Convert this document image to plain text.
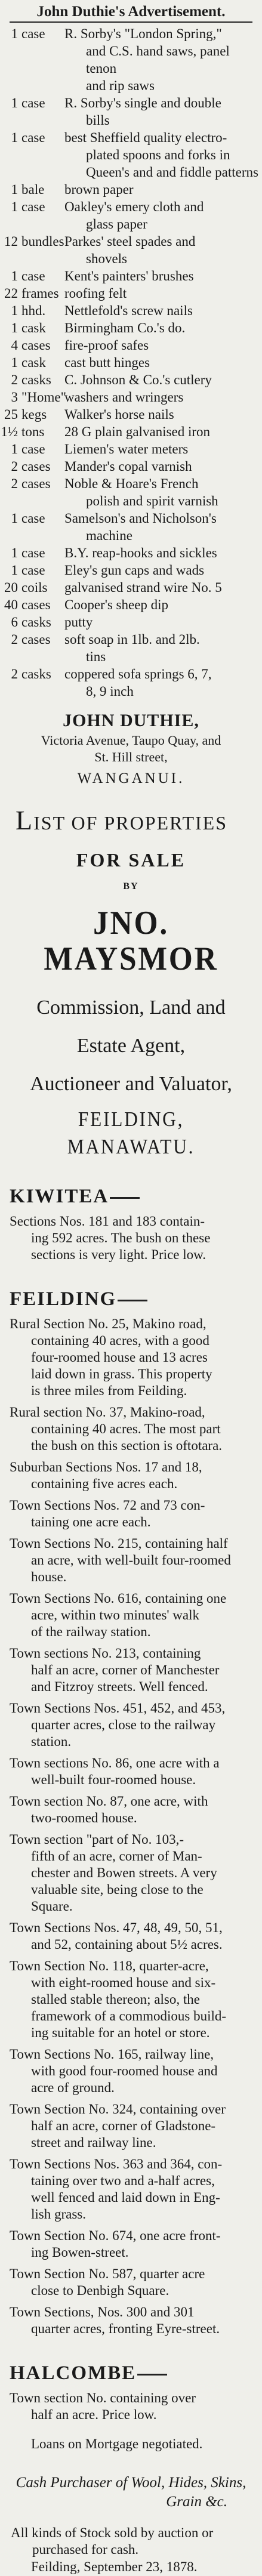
John Duthie's Advertisement.
1 case R. Sorby's "London Spring,"
and C.S. hand saws, panel tenon
and rip saws
1 case R. Sorby's single and double
bills
1 case best Sheffield quality electro-
plated spoons and forks in
Queen's and and fiddle patterns
1 bale brown paper
1 case Oakley's emery cloth and
glass paper
12 bundles Parkes' steel spades and
shovels
1 case Kent's painters' brushes
22 frames roofing felt
1 hhd. Nettlefold's screw nails
1 cask Birmingham Co.'s do.
4 cases fire-proof safes
1 cask cast butt hinges
2 casks C. Johnson & Co.'s cutlery
3 "Home"
washers and wringers
25 kegs Walker's horse nails
1½ tons 28 G plain galvanised iron
1 case Liemen's water meters
2 cases Mander's copal varnish
2 cases Noble & Hoare's French
polish and spirit varnish
1 case Samelson's and Nicholson's
machine
1 case B.Y. reap-hooks and sickles
1 case Eley's gun caps and wads
20 coils galvanised strand wire No. 5
40 cases Cooper's sheep dip
6 casks putty
2 cases soft soap in 1lb. and 2lb.
tins
2 casks coppered sofa springs 6, 7,
8, 9 inch
JOHN DUTHIE,
Victoria Avenue, Taupo Quay, and
St. Hill street,
WANGANUI.
LIST OF PROPERTIES
FOR SALE
BY
JNO. MAYSMOR
Commission, Land and
Estate Agent,
Auctioneer and Valuator,
FEILDING, MANAWATU.
KIWITEA
Sections Nos. 181 and 183 contain-
ing 592 acres. The bush on these
sections is very light. Price low.
FEILDING
Rural Section No. 25, Makino road,
containing 40 acres, with a good
four-roomed house and 13 acres
laid down in grass. This property
is three miles from Feilding.
Rural section No. 37, Makino-road,
containing 40 acres. The most part
the bush on this section is oftotara.
Suburban Sections Nos. 17 and 18,
containing five acres each.
Town Sections Nos. 72 and 73 con-
taining one acre each.
Town Sections No. 215, containing half
an acre, with well-built four-roomed
house.
Town Sections No. 616, containing one
acre, within two minutes' walk
of the railway station.
Town sections No. 213, containing
half an acre, corner of Manchester
and Fitzroy streets. Well fenced.
Town Sections Nos. 451, 452, and 453,
quarter acres, close to the railway
station.
Town sections No. 86, one acre with a
well-built four-roomed house.
Town section No. 87, one acre, with
two-roomed house.
Town section "part of No. 103,-
fifth of an acre, corner of Man-
chester and Bowen streets. A very
valuable site, being close to the
Square.
Town Sections Nos. 47, 48, 49, 50, 51,
and 52, containing about 5½ acres.
Town Section No. 118, quarter-acre,
with eight-roomed house and six-
stalled stable thereon; also, the
framework of a commodious build-
ing suitable for an hotel or store.
Town Sections No. 165, railway line,
with good four-roomed house and
acre of ground.
Town Section No. 324, containing over
half an acre, corner of Gladstone-
street and railway line.
Town Sections Nos. 363 and 364, con-
taining over two and a-half acres,
well fenced and laid down in Eng-
lish grass.
Town Section No. 674, one acre front-
ing Bowen-street.
Town Section No. 587, quarter acre
close to Denbigh Square.
Town Sections, Nos. 300 and 301
quarter acres, fronting Eyre-street.
HALCOMBE
Town section No. containing over
half an acre. Price low.
Loans on Mortgage negotiated.
Cash Purchaser of Wool, Hides, Skins,
Grain &c.
All kinds of Stock sold by auction or
purchased for cash.
Feilding, September 23, 1878.
